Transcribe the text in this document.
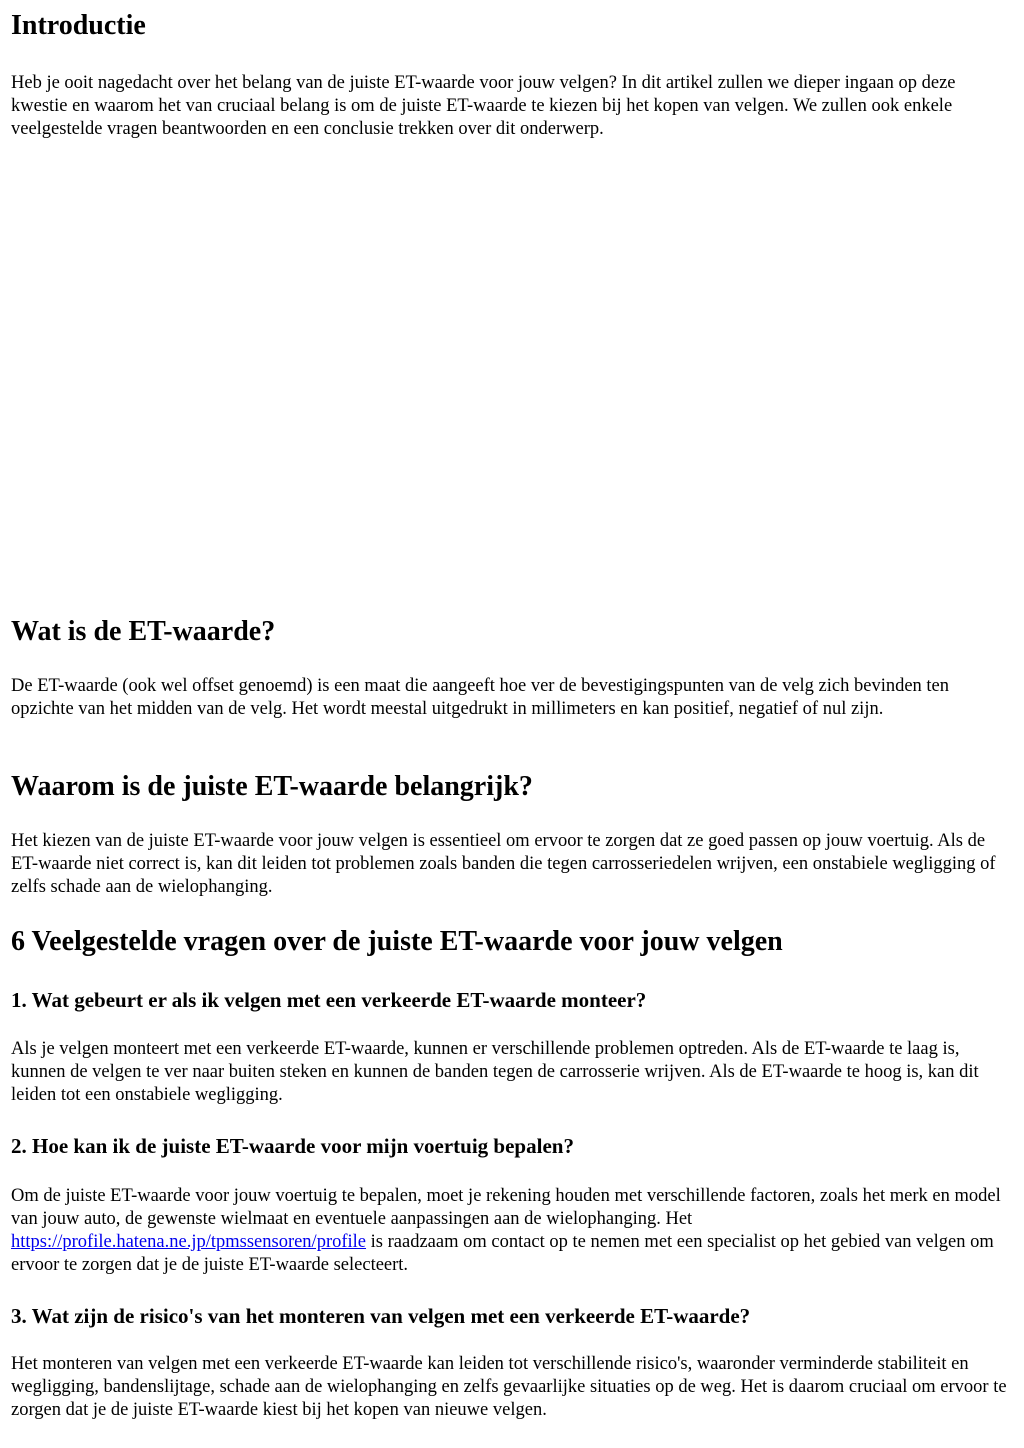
Introductie

Heb je ooit nagedacht over het belang van de juiste ET-waarde voor jouw velgen? In dit artikel zullen we dieper ingaan op deze kwestie en waarom het van cruciaal belang is om de juiste ET-waarde te kiezen bij het kopen van velgen. We zullen ook enkele veelgestelde vragen beantwoorden en een conclusie trekken over dit onderwerp.

Wat is de ET-waarde?

De ET-waarde (ook wel offset genoemd) is een maat die aangeeft hoe ver de bevestigingspunten van de velg zich bevinden ten opzichte van het midden van de velg. Het wordt meestal uitgedrukt in millimeters en kan positief, negatief of nul zijn.

Waarom is de juiste ET-waarde belangrijk?

Het kiezen van de juiste ET-waarde voor jouw velgen is essentieel om ervoor te zorgen dat ze goed passen op jouw voertuig. Als de ET-waarde niet correct is, kan dit leiden tot problemen zoals banden die tegen carrosseriedelen wrijven, een onstabiele wegligging of zelfs schade aan de wielophanging.

6 Veelgestelde vragen over de juiste ET-waarde voor jouw velgen
1. Wat gebeurt er als ik velgen met een verkeerde ET-waarde monteer?

Als je velgen monteert met een verkeerde ET-waarde, kunnen er verschillende problemen optreden. Als de ET-waarde te laag is, kunnen de velgen te ver naar buiten steken en kunnen de banden tegen de carrosserie wrijven. Als de ET-waarde te hoog is, kan dit leiden tot een onstabiele wegligging.

2. Hoe kan ik de juiste ET-waarde voor mijn voertuig bepalen?

Om de juiste ET-waarde voor jouw voertuig te bepalen, moet je rekening houden met verschillende factoren, zoals het merk en model van jouw auto, de gewenste wielmaat en eventuele aanpassingen aan de wielophanging. Het https://profile.hatena.ne.jp/tpmssensoren/profile is raadzaam om contact op te nemen met een specialist op het gebied van velgen om ervoor te zorgen dat je de juiste ET-waarde selecteert.

3. Wat zijn de risico's van het monteren van velgen met een verkeerde ET-waarde?

Het monteren van velgen met een verkeerde ET-waarde kan leiden tot verschillende risico's, waaronder verminderde stabiliteit en wegligging, bandenslijtage, schade aan de wielophanging en zelfs gevaarlijke situaties op de weg. Het is daarom cruciaal om ervoor te zorgen dat je de juiste ET-waarde kiest bij het kopen van nieuwe velgen.
